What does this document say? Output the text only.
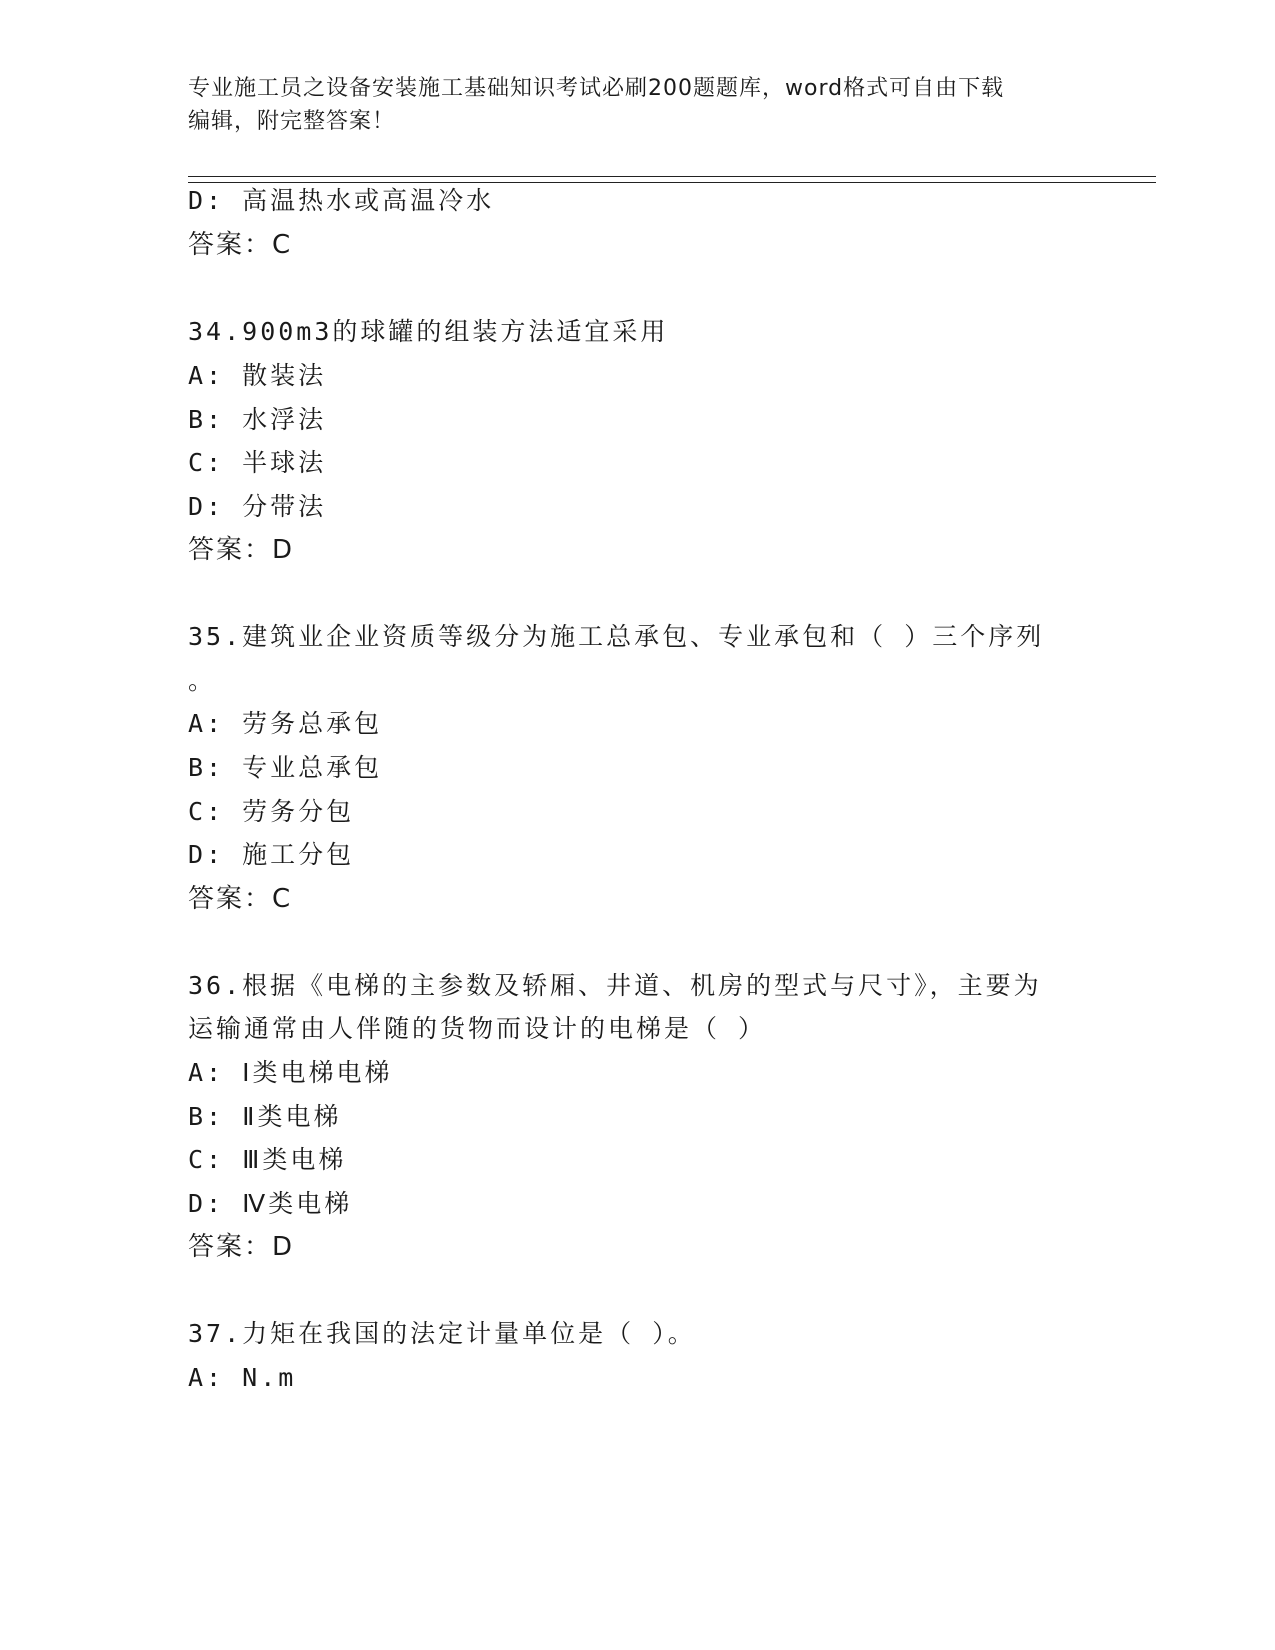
专业施工员之设备安装施工基础知识考试必刷200题题库，word格式可自由下载
编辑，附完整答案！
D: 高温热水或高温冷水
答案：C
34.900m3的球罐的组装方法适宜采用
A: 散装法
B: 水浮法
C: 半球法
D: 分带法
答案：D
35.建筑业企业资质等级分为施工总承包、专业承包和（ ）三个序列
。
A: 劳务总承包
B: 专业总承包
C: 劳务分包
D: 施工分包
答案：C
36.根据《电梯的主参数及轿厢、井道、机房的型式与尺寸》，主要为
运输通常由人伴随的货物而设计的电梯是（ ）
A: Ⅰ类电梯电梯
B: Ⅱ类电梯
C: Ⅲ类电梯
D: Ⅳ类电梯
答案：D
37.力矩在我国的法定计量单位是（ ）。
A: N.m
